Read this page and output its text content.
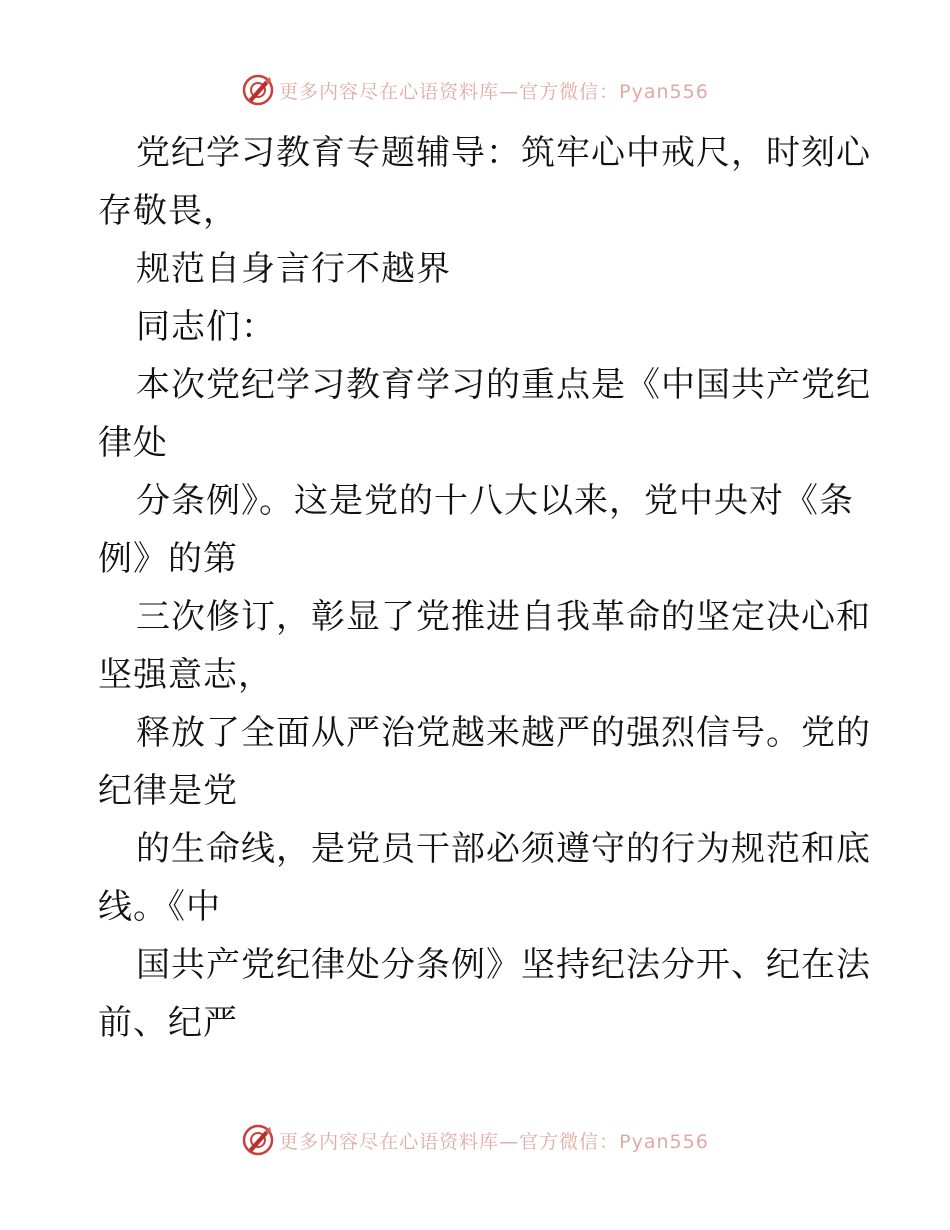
更多内容尽在心语资料库—官方微信：Pyan556

党纪学习教育专题辅导：筑牢心中戒尺，时刻心
存敬畏，

规范自身言行不越界

同志们：

本次党纪学习教育学习的重点是《中国共产党纪
律处

分条例》。这是党的十八大以来，党中央对《条
例》的第

三次修订，彰显了党推进自我革命的坚定决心和
坚强意志，

释放了全面从严治党越来越严的强烈信号。党的
纪律是党

的生命线，是党员干部必须遵守的行为规范和底
线。《中

国共产党纪律处分条例》坚持纪法分开、纪在法
前、纪严

更多内容尽在心语资料库—官方微信：Pyan556
